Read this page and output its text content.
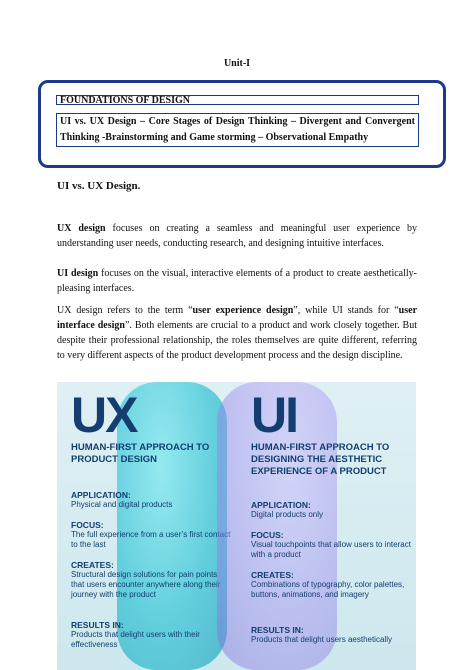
Unit-I
FOUNDATIONS OF DESIGN
UI vs. UX Design – Core Stages of Design Thinking – Divergent and Convergent Thinking -Brainstorming and Game storming – Observational Empathy
UI vs. UX Design.
UX design focuses on creating a seamless and meaningful user experience by understanding user needs, conducting research, and designing intuitive interfaces.
UI design focuses on the visual, interactive elements of a product to create aesthetically-pleasing interfaces.
UX design refers to the term “user experience design”, while UI stands for “user interface design”. Both elements are crucial to a product and work closely together. But despite their professional relationship, the roles themselves are quite different, referring to very different aspects of the product development process and the design discipline.
UX
HUMAN-FIRST APPROACH TO PRODUCT DESIGN
APPLICATION:
Physical and digital products
FOCUS:
The full experience from a user’s first contact to the last
CREATES:
Structural design solutions for pain points that users encounter anywhere along their journey with the product
RESULTS IN:
Products that delight users with their effectiveness
UI
HUMAN-FIRST APPROACH TO DESIGNING THE AESTHETIC EXPERIENCE OF A PRODUCT
APPLICATION:
Digital products only
FOCUS:
Visual touchpoints that allow users to interact with a product
CREATES:
Combinations of typography, color palettes, buttons, animations, and imagery
RESULTS IN:
Products that delight users aesthetically
